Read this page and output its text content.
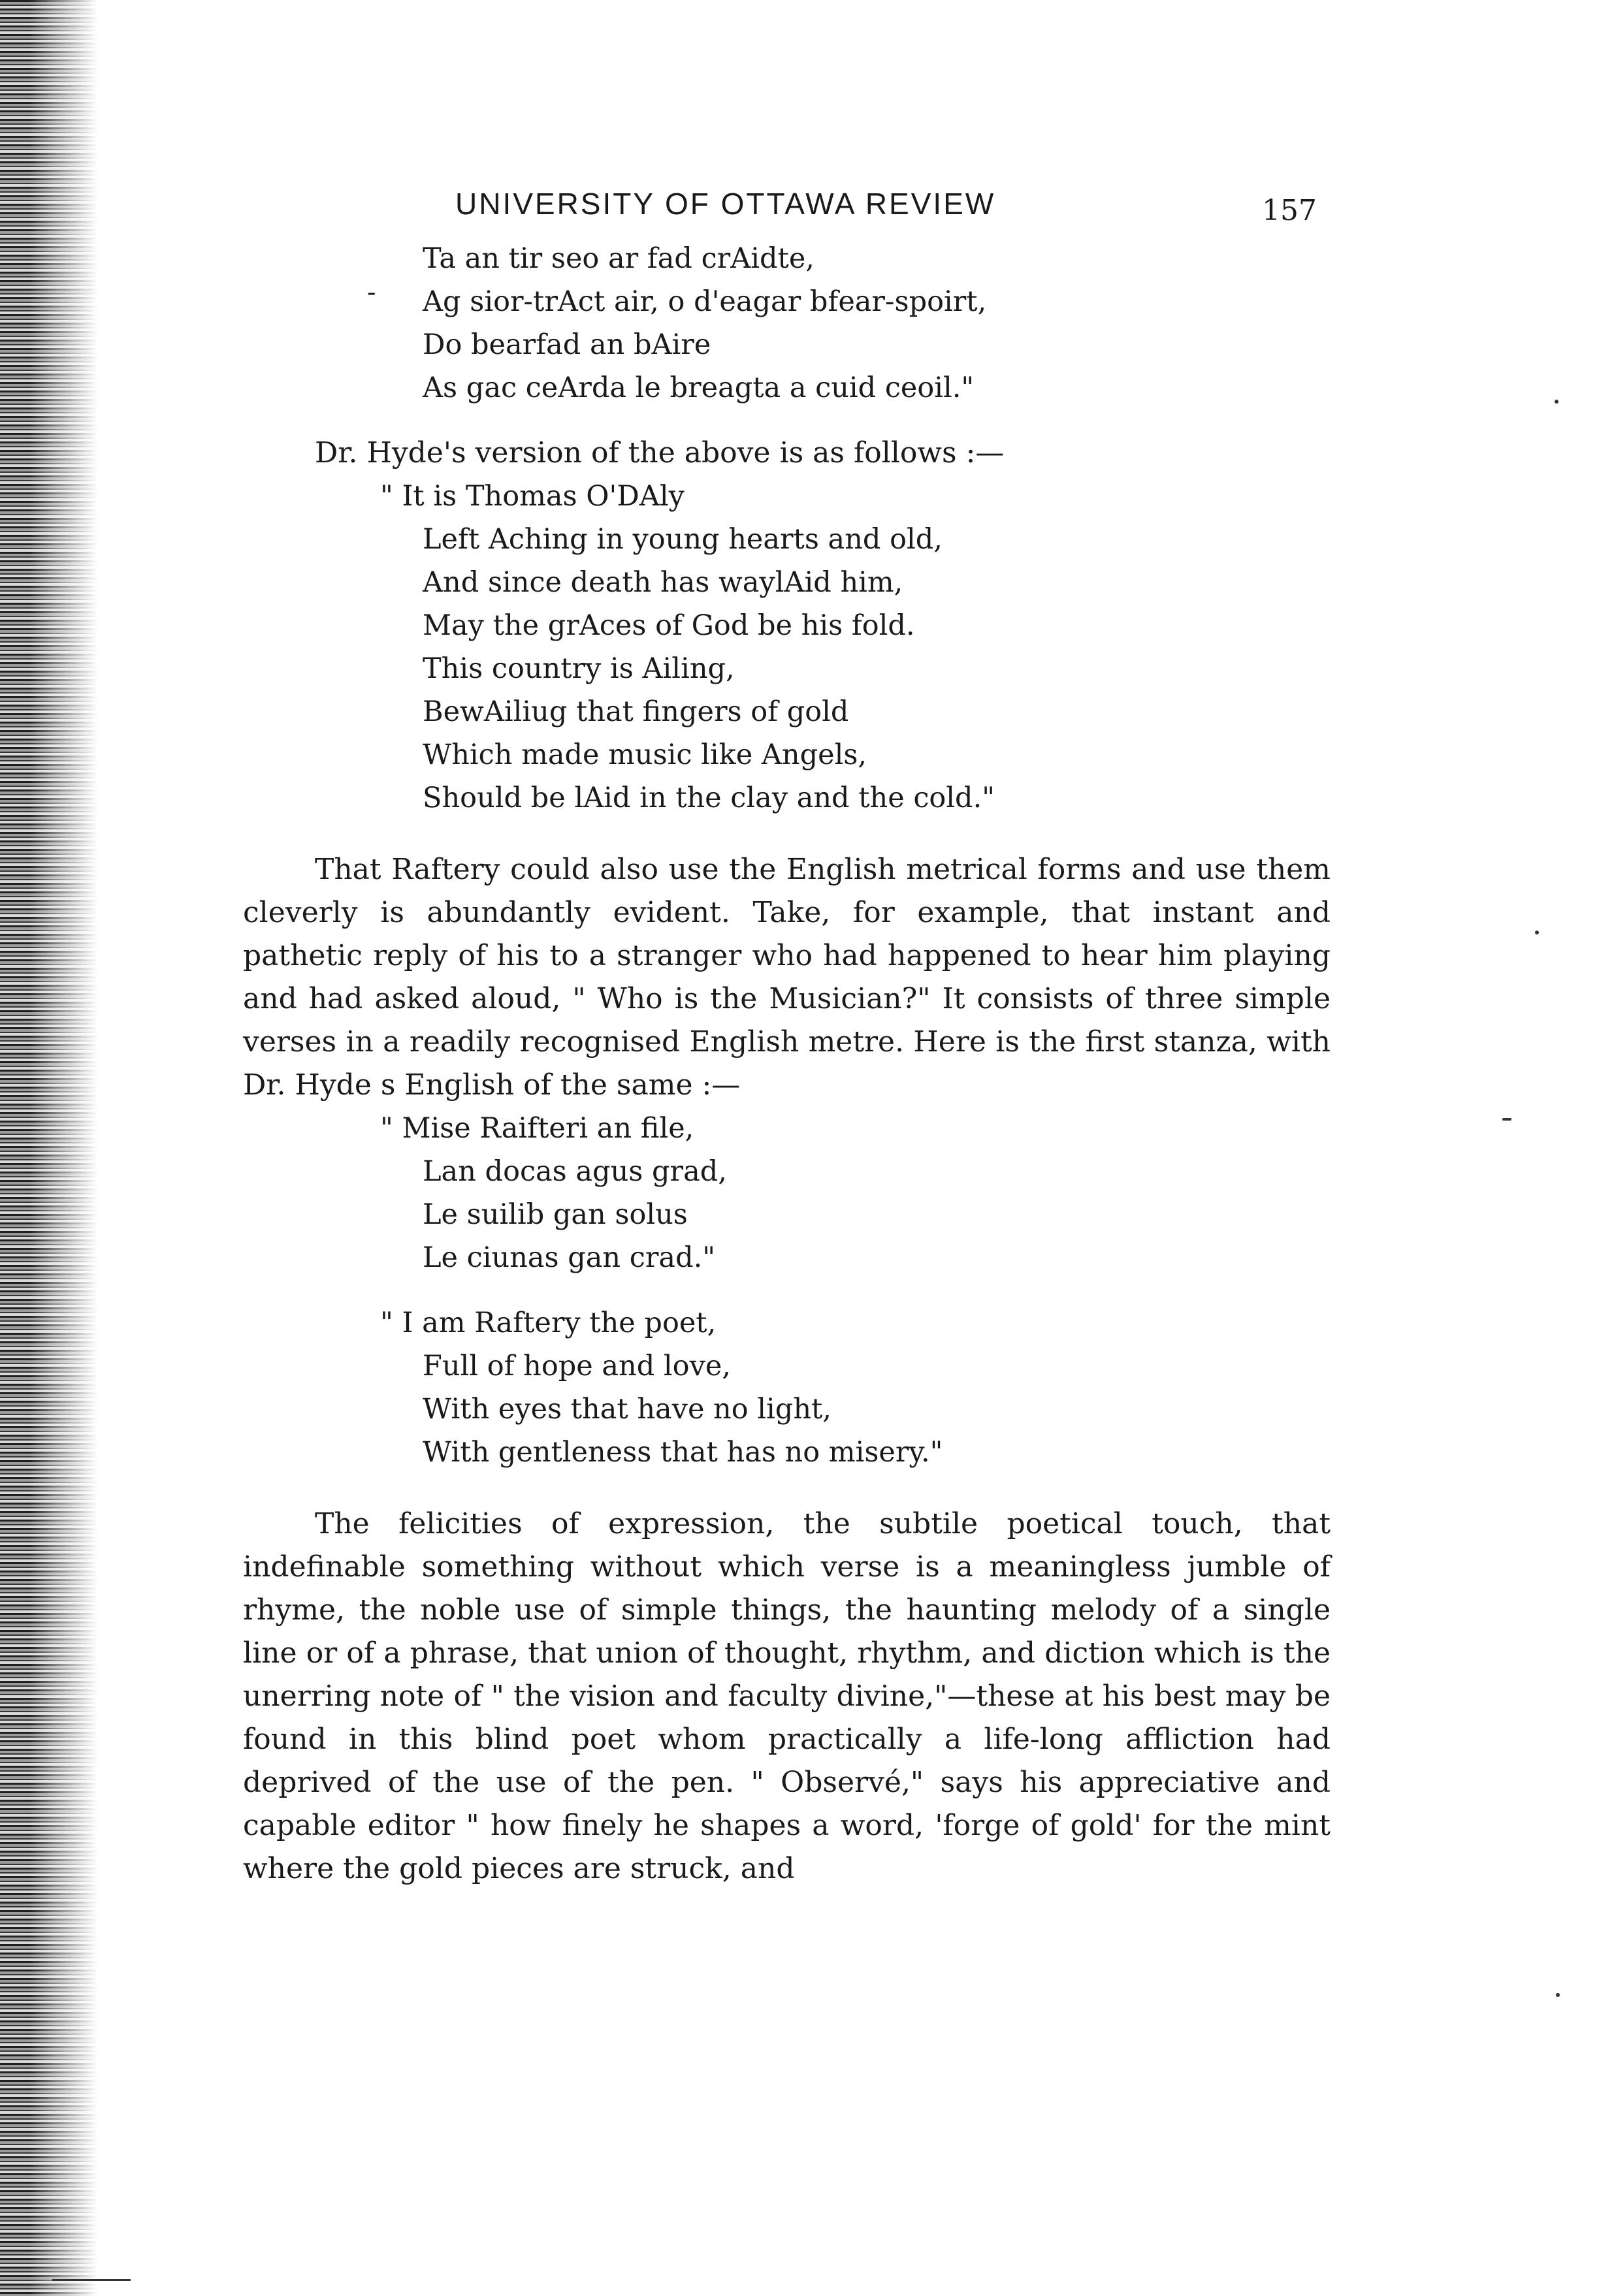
UNIVERSITY OF OTTAWA REVIEW	157
-
Ta an tir seo ar fad crAidte,
Ag sior-trAct air, o d'eagar bfear-spoirt,
Do bearfad an bAire
As gac ceArda le breagta a cuid ceoil."

Dr. Hyde's version of the above is as follows :—

" It is Thomas O'DAly
Left Aching in young hearts and old,
And since death has waylAid him,
May the grAces of God be his fold.
This country is Ailing,
BewAiliug that fingers of gold
Which made music like Angels,
Should be lAid in the clay and the cold."

That Raftery could also use the English metrical forms and use them cleverly is abundantly evident. Take, for example, that instant and pathetic reply of his to a stranger who had happened to hear him playing and had asked aloud, " Who is the Musician?" It consists of three simple verses in a readily recognised English metre. Here is the first stanza, with Dr. Hyde s English of the same :—

" Mise Raifteri an file,
Lan docas agus grad,
Le suilib gan solus
Le ciunas gan crad."
" I am Raftery the poet,
Full of hope and love,
With eyes that have no light,
With gentleness that has no misery."

The felicities of expression, the subtile poetical touch, that indefinable something without which verse is a meaningless jumble of rhyme, the noble use of simple things, the haunting melody of a single line or of a phrase, that union of thought, rhythm, and diction which is the unerring note of " the vision and faculty divine,"—these at his best may be found in this blind poet whom practically a life-long affliction had deprived of the use of the pen. " Observé," says his appreciative and capable editor " how finely he shapes a word, 'forge of gold' for the mint where the gold pieces are struck, and
